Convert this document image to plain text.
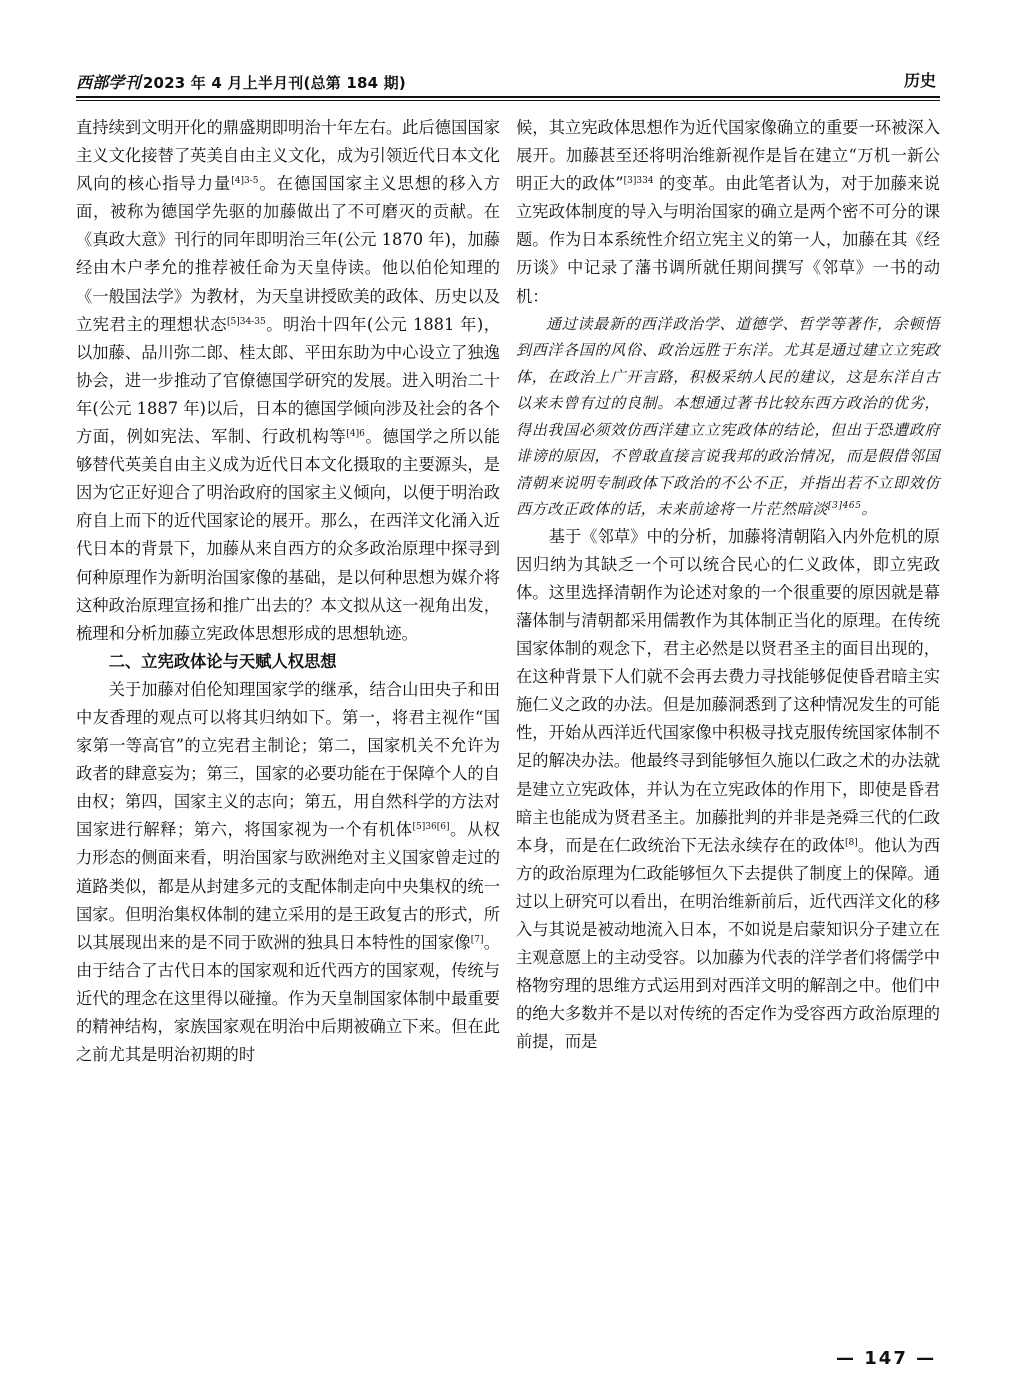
西部学刊 2023 年 4 月上半月刊(总第 184 期)	历史

直持续到文明开化的鼎盛期即明治十年左右。此后德国国家主义文化接替了英美自由主义文化，成为引领近代日本文化风向的核心指导力量$^{[4]3-5}$。在德国国家主义思想的移入方面，被称为德国学先驱的加藤做出了不可磨灭的贡献。在《真政大意》刊行的同年即明治三年(公元 1870 年)，加藤经由木户孝允的推荐被任命为天皇侍读。他以伯伦知理的《一般国法学》为教材，为天皇讲授欧美的政体、历史以及立宪君主的理想状态$^{[5]34-35}$。明治十四年(公元 1881 年)，以加藤、品川弥二郎、桂太郎、平田东助为中心设立了独逸协会，进一步推动了官僚德国学研究的发展。进入明治二十年(公元 1887 年)以后，日本的德国学倾向涉及社会的各个方面，例如宪法、军制、行政机构等$^{[4]6}$。德国学之所以能够替代英美自由主义成为近代日本文化摄取的主要源头，是因为它正好迎合了明治政府的国家主义倾向，以便于明治政府自上而下的近代国家论的展开。那么，在西洋文化涌入近代日本的背景下，加藤从来自西方的众多政治原理中探寻到何种原理作为新明治国家像的基础，是以何种思想为媒介将这种政治原理宣扬和推广出去的？本文拟从这一视角出发，梳理和分析加藤立宪政体思想形成的思想轨迹。

二、立宪政体论与天赋人权思想

关于加藤对伯伦知理国家学的继承，结合山田央子和田中友香理的观点可以将其归纳如下。第一，将君主视作“国家第一等高官”的立宪君主制论；第二，国家机关不允许为政者的肆意妄为；第三，国家的必要功能在于保障个人的自由权；第四，国家主义的志向；第五，用自然科学的方法对国家进行解释；第六，将国家视为一个有机体[5]36[6]。从权力形态的侧面来看，明治国家与欧洲绝对主义国家曾走过的道路类似，都是从封建多元的支配体制走向中央集权的统一国家。但明治集权体制的建立采用的是王政复古的形式，所以其展现出来的是不同于欧洲的独具日本特性的国家像[7]。由于结合了古代日本的国家观和近代西方的国家观，传统与近代的理念在这里得以碰撞。作为天皇制国家体制中最重要的精神结构，家族国家观在明治中后期被确立下来。但在此之前尤其是明治初期的时

候，其立宪政体思想作为近代国家像确立的重要一环被深入展开。加藤甚至还将明治维新视作是旨在建立“万机一新公明正大的政体”$^{[3]334}$ 的变革。由此笔者认为，对于加藤来说立宪政体制度的导入与明治国家的确立是两个密不可分的课题。作为日本系统性介绍立宪主义的第一人，加藤在其《经历谈》中记录了藩书调所就任期间撰写《邻草》一书的动机：

通过读最新的西洋政治学、道德学、哲学等著作，余顿悟到西洋各国的风俗、政治远胜于东洋。尤其是通过建立立宪政体，在政治上广开言路，积极采纳人民的建议，这是东洋自古以来未曾有过的良制。本想通过著书比较东西方政治的优劣，得出我国必须效仿西洋建立立宪政体的结论，但出于恐遭政府诽谤的原因，不曾敢直接言说我邦的政治情况，而是假借邻国清朝来说明专制政体下政治的不公不正，并指出若不立即效仿西方改正政体的话，未来前途将一片茫然暗淡$^{[3]465}$。

基于《邻草》中的分析，加藤将清朝陷入内外危机的原因归纳为其缺乏一个可以统合民心的仁义政体，即立宪政体。这里选择清朝作为论述对象的一个很重要的原因就是幕藩体制与清朝都采用儒教作为其体制正当化的原理。在传统国家体制的观念下，君主必然是以贤君圣主的面目出现的，在这种背景下人们就不会再去费力寻找能够促使昏君暗主实施仁义之政的办法。但是加藤洞悉到了这种情况发生的可能性，开始从西洋近代国家像中积极寻找克服传统国家体制不足的解决办法。他最终寻到能够恒久施以仁政之术的办法就是建立立宪政体，并认为在立宪政体的作用下，即使是昏君暗主也能成为贤君圣主。加藤批判的并非是尧舜三代的仁政本身，而是在仁政统治下无法永续存在的政体[8]。他认为西方的政治原理为仁政能够恒久下去提供了制度上的保障。通过以上研究可以看出，在明治维新前后，近代西洋文化的移入与其说是被动地流入日本，不如说是启蒙知识分子建立在主观意愿上的主动受容。以加藤为代表的洋学者们将儒学中格物穷理的思维方式运用到对西洋文明的解剖之中。他们中的绝大多数并不是以对传统的否定作为受容西方政治原理的前提，而是

— 147 —
